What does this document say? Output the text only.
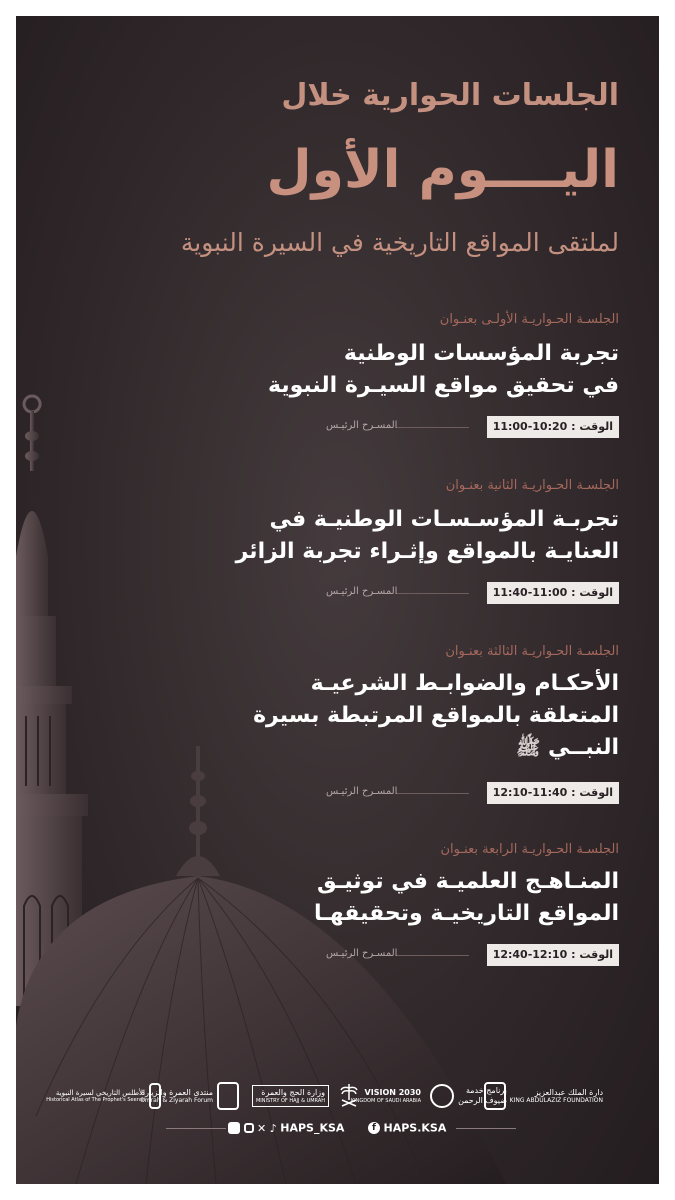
الجلسات الحوارية خلال
اليــــوم الأول
لملتقى المواقع التاريخية في السيرة النبوية
الجلسـة الحـواريـة الأولـى بعنـوان
تجربة المؤسسات الوطنية
في تحقيق مواقع السيـرة النبوية
الوقت : 11:00-10:20
المسـرح الرئيـس
الجلسـة الحـواريـة الثانية بعنـوان
تجربـة المؤسـسـات الوطنيـة في
العنايـة بالمواقع وإثـراء تجربة الزائر
الوقت : 11:40-11:00
المسـرح الرئيـس
الجلسـة الحـواريـة الثالثة بعنـوان
الأحكـام والضوابـط الشرعيـة
المتعلقة بالمواقع المرتبطة بسيرة
النبــي ﷺ
الوقت : 12:10-11:40
المسـرح الرئيـس
الجلسـة الحـواريـة الرابعة بعنـوان
المنـاهـج العلميـة في توثيـق
المواقع التاريخيـة وتحقيقهـا
الوقت : 12:40-12:10
المسـرح الرئيـس
دارة الملك عبدالعزيز
KING ABDULAZIZ FOUNDATION
برنامج خدمة
ضيوف الرحمن
VISION 2030
KINGDOM OF SAUDI ARABIA
وزارة الحج والعمرة
MINISTRY OF HAJJ & UMRAH
منتدى العمرة والزيارة
Umrah & Ziyarah Forum
الأطلس التاريخي لسيرة النبوية
Historical Atlas of The Prophet's Seerah
✕ ♪ HAPS_KSA	f HAPS.KSA
